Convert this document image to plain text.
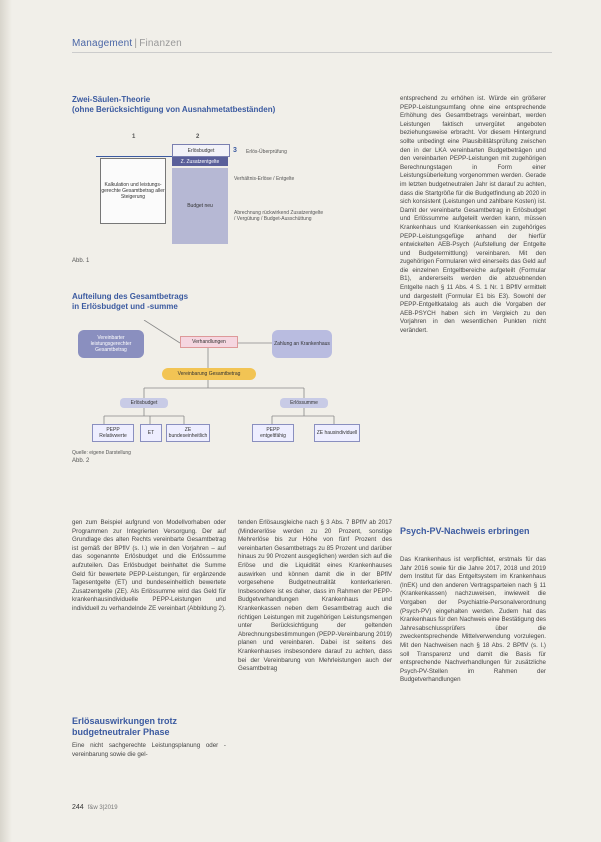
Management | Finanzen
Zwei-Säulen-Theorie
(ohne Berücksichtigung von Ausnahmetatbeständen)
1	2
3 Erlös-Überprüfung
Erlösbudget
Z. Zusatzentgelte
Kalkulation und leistungs-gerechte Gesamtbetrag aller Steigerung
Budget neu
Verhältnis-Erlöse / Entgelte
Abrechnung rückwirkend Zusatzentgelte / Vergütung / Budget-Ausschüttung
Abb. 1
Aufteilung des Gesamtbetrags
in Erlösbudget und -summe
Vereinbarter leistungsgerechter Gesamtbetrag
Verhandlungen	Zahlung an Krankenhaus
Vereinbarung Gesamtbetrag
Erlösbudget	Erlössumme
PEPP Relativwerte	ET	ZE bundeseinheitlich
PEPP entgeltfähig	ZE hausindividuell
Quelle: eigene Darstellung
Abb. 2

gen zum Beispiel aufgrund von Modellvorhaben oder Programmen zur Integrierten Versorgung. Der auf Grundlage des alten Rechts vereinbarte Gesamtbetrag ist gemäß der BPflV (s. I.) wie in den Vorjahren – auf das sogenannte Erlösbudget und die Erlössumme aufzuteilen. Das Erlösbudget beinhaltet die Summe Geld für bewertete PEPP-Leistungen, für ergänzende Tagesentgelte (ET) und bundeseinheitlich bewertete Zusatzentgelte (ZE). Als Erlössumme wird das Geld für krankenhausindividuelle PEPP-Leistungen und individuell zu verhandelnde ZE vereinbart (Abbildung 2).

Erlösauswirkungen trotz budgetneutraler Phase

Eine nicht sachgerechte Leistungsplanung oder -vereinbarung sowie die gel-

tenden Erlösausgleiche nach § 3 Abs. 7 BPflV ab 2017 (Mindererlöse werden zu 20 Prozent, sonstige Mehrerlöse bis zur Höhe von fünf Prozent des vereinbarten Gesamtbetrags zu 85 Prozent und darüber hinaus zu 90 Prozent ausgeglichen) werden sich auf die Erlöse und die Liquidität eines Krankenhauses auswirken und können damit die in der BPflV vorgesehene Budgetneutralität konterkarieren. Insbesondere ist es daher, dass im Rahmen der PEPP-Budgetverhandlungen Krankenhaus und Krankenkassen neben dem Gesamtbetrag auch die richtigen Leistungen mit zugehörigen Leistungsmengen unter Berücksichtigung der geltenden Abrechnungsbestimmungen (PEPP-Vereinbarung 2019) planen und vereinbaren. Dabei ist seitens des Krankenhauses insbesondere darauf zu achten, dass bei der Vereinbarung von Mehrleistungen auch der Gesamtbetrag

entsprechend zu erhöhen ist. Würde ein größerer PEPP-Leistungsumfang ohne eine entsprechende Erhöhung des Gesamtbetrags vereinbart, werden Leistungen faktisch unvergütet angeboten beziehungsweise erbracht. Vor diesem Hintergrund sollte unbedingt eine Plausibilitätsprüfung zwischen den in der LKA vereinbarten Budgetbeträgen und den vereinbarten PEPP-Leistungen mit zugehörigen Berechnungstagen in Form einer Leistungsüberleitung vorgenommen werden. Gerade im letzten budgetneutralen Jahr ist darauf zu achten, dass die Startgröße für die Budgetfindung ab 2020 in sich konsistent (Leistungen und zahlbare Kosten) ist. Damit der vereinbarte Gesamtbetrag in Erlösbudget und Erlössumme aufgeteilt werden kann, müssen Krankenhaus und Krankenkassen ein zugehöriges PEPP-Leistungsgefüge anhand der hierfür entwickelten AEB-Psych (Aufstellung der Entgelte und Budgetermittlung) vereinbaren. Mit den zugehörigen Formularen wird einerseits das Geld auf die einzelnen Entgeltbereiche aufgeteilt (Formular B1), andererseits werden die abzuebnenden Entgelte nach § 11 Abs. 4 S. 1 Nr. 1 BPflV ermittelt und dargestellt (Formular E1 bis E3). Sowohl der PEPP-Entgeltkatalog als auch die Vorgaben der AEB-PSYCH haben sich im Vergleich zu den Vorjahren in den wesentlichen Punkten nicht verändert.

Psych-PV-Nachweis erbringen

Das Krankenhaus ist verpflichtet, erstmals für das Jahr 2016 sowie für die Jahre 2017, 2018 und 2019 dem Institut für das Entgeltsystem im Krankenhaus (InEK) und den anderen Vertragsparteien nach § 11 (Krankenkassen) nachzuweisen, inwieweit die Vorgaben der Psychiatrie-Personalverordnung (Psych-PV) eingehalten werden. Zudem hat das Krankenhaus für den Nachweis eine Bestätigung des Jahresabschlussprüfers über die zweckentsprechende Mittelverwendung vorzulegen. Mit den Nachweisen nach § 18 Abs. 2 BPflV (s. I.) soll Transparenz und damit die Basis für entsprechende Nachverhandlungen für zusätzliche Psych-PV-Stellen im Rahmen der Budgetverhandlungen

244 f&w 3|2019
